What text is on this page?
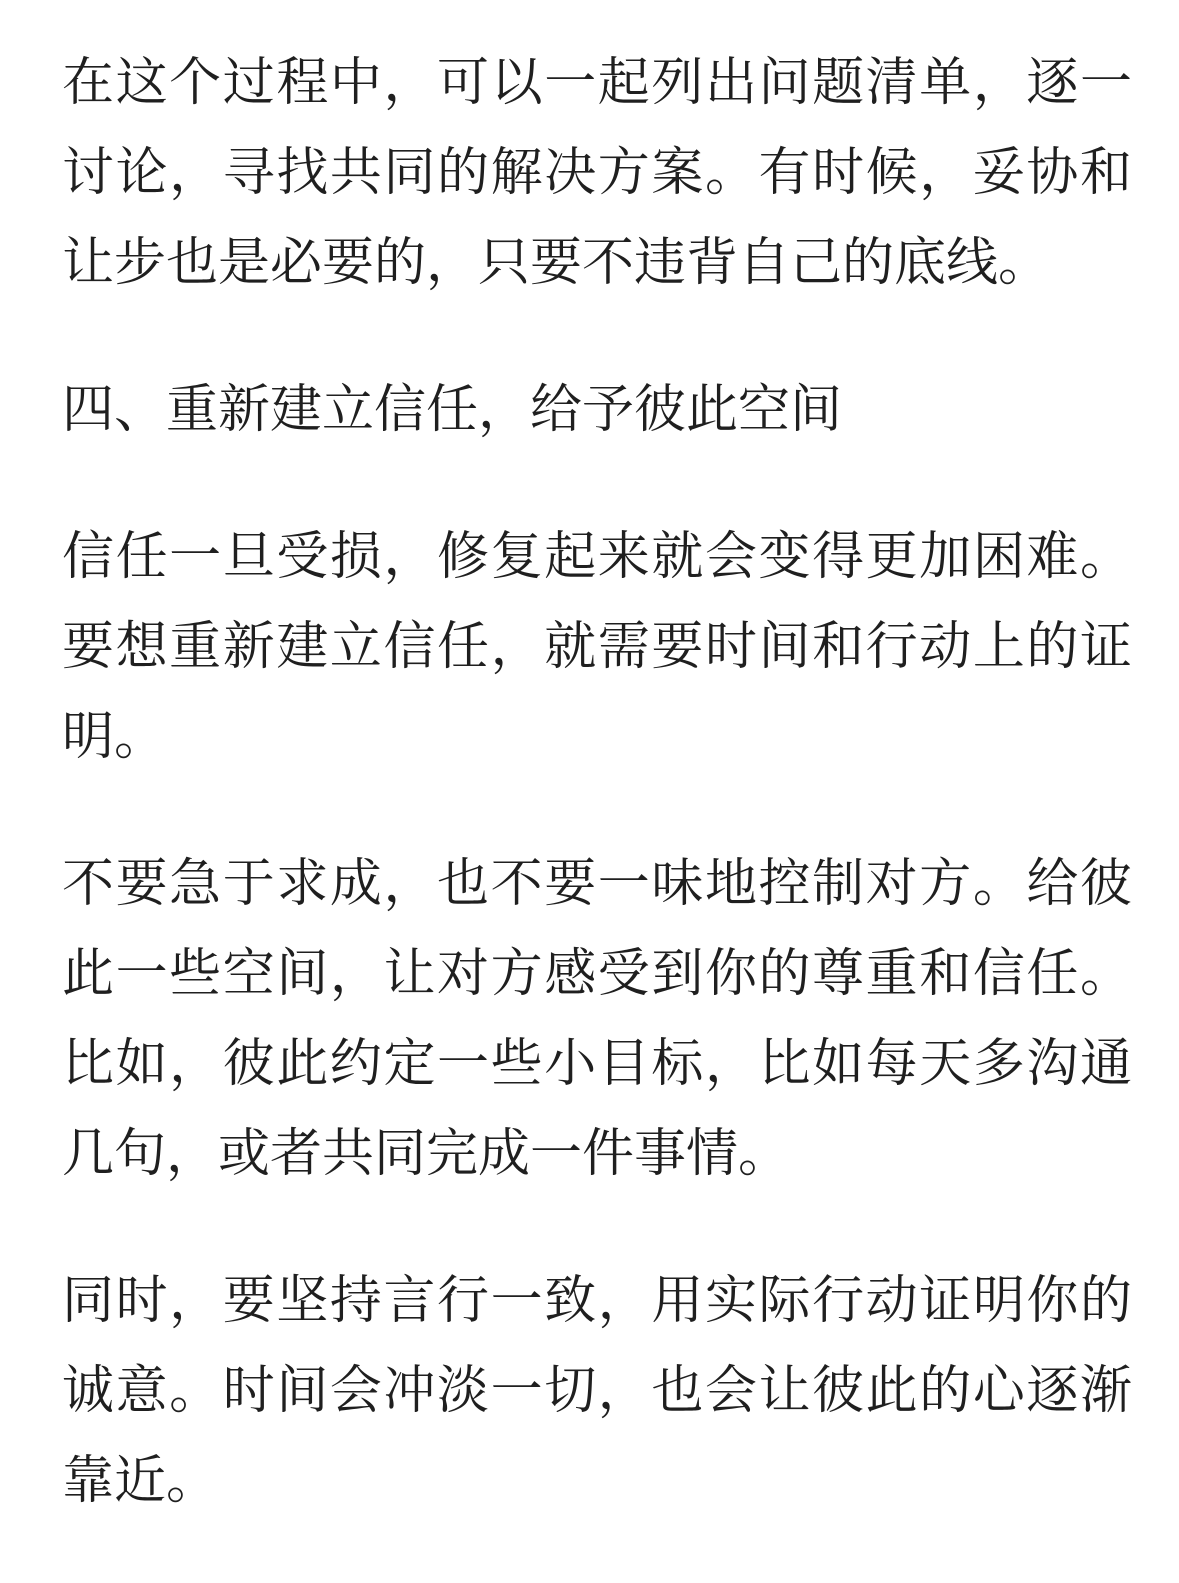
在这个过程中，可以一起列出问题清单，逐一讨论，寻找共同的解决方案。有时候，妥协和让步也是必要的，只要不违背自己的底线。

四、重新建立信任，给予彼此空间

信任一旦受损，修复起来就会变得更加困难。要想重新建立信任，就需要时间和行动上的证明。

不要急于求成，也不要一味地控制对方。给彼此一些空间，让对方感受到你的尊重和信任。比如，彼此约定一些小目标，比如每天多沟通几句，或者共同完成一件事情。

同时，要坚持言行一致，用实际行动证明你的诚意。时间会冲淡一切，也会让彼此的心逐渐靠近。
